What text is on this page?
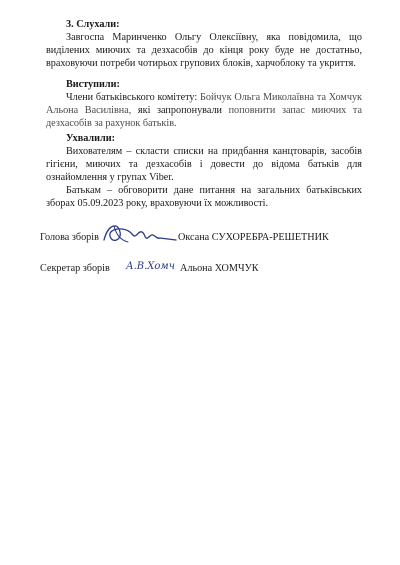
3. Слухали:
Завгоспа Маринченко Ольгу Олексіївну, яка повідомила, що виділених миючих та дезхасобів до кінця року буде не достатньо, враховуючи потреби чотирьох групових блоків, харчоблоку та укриття.
Виступили:
Члени батьківського комітету: Бойчук Ольга Миколаївна та Хомчук Альона Василівна, які запропонували поповнити запас миючих та дезхасобів за рахунок батьків.
Ухвалили:
Вихователям – скласти списки на придбання канцтоварів, засобів гігієни, миючих та дезхасобів і довести до відома батьків для ознайомлення у групах Viber.
Батькам – обговорити дане питання на загальних батьківських зборах 05.09.2023 року, враховуючи їх можливості.
Голова зборів	Оксана СУХОРЕБРА-РЕШЕТНИК
Секретар зборів А.В.Хомч Альона ХОМЧУК
